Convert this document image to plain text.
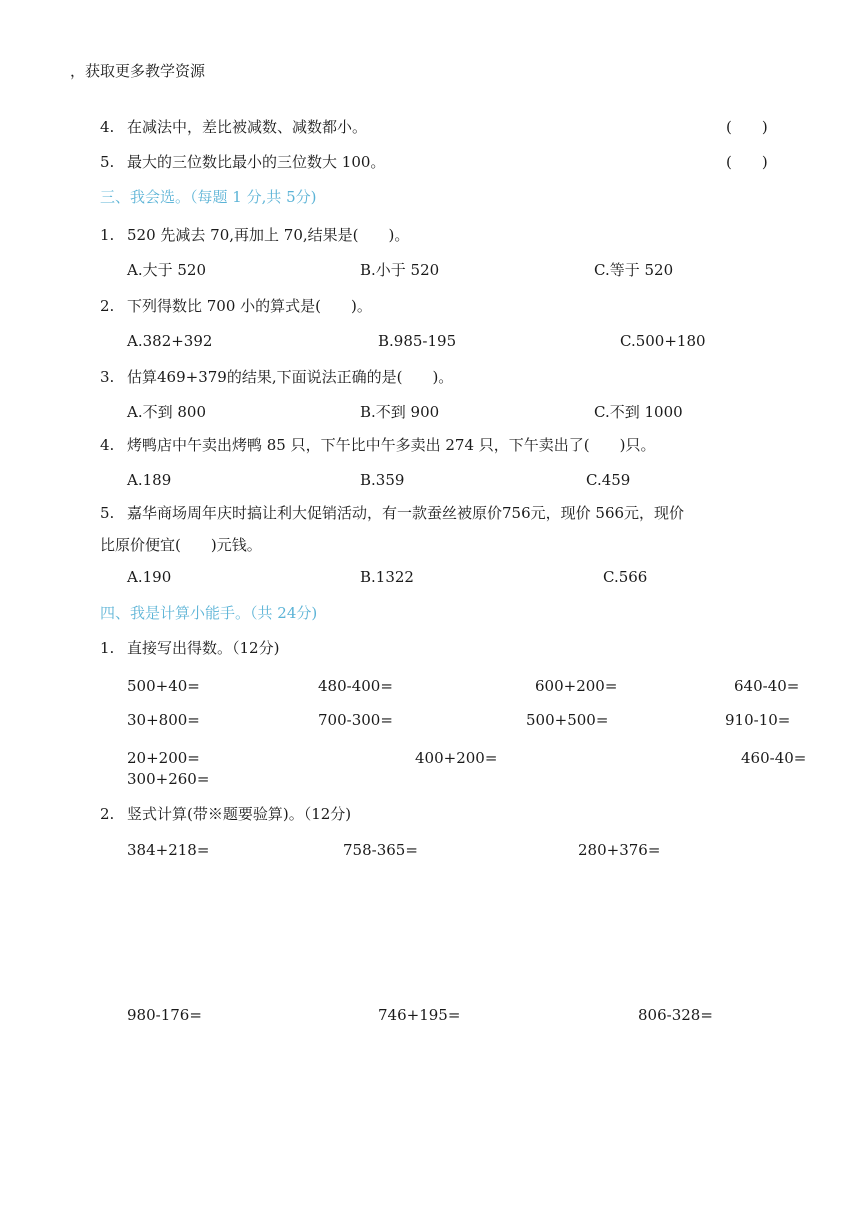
，获取更多教学资源
4. 在减法中，差比被减数、减数都小。	(　　)
5. 最大的三位数比最小的三位数大 100。	(　　)
三、我会选。（每题 1 分,共 5分)
1. 520 先减去 70,再加上 70,结果是(　　)。
A.大于 520	B.小于 520	C.等于 520
2. 下列得数比 700 小的算式是(　　)。
A.382+392	B.985-195	C.500+180
3. 估算469+379的结果,下面说法正确的是(　　)。
A.不到 800	B.不到 900	C.不到 1000
4. 烤鸭店中午卖出烤鸭 85 只，下午比中午多卖出 274 只，下午卖出了(　　)只。
A.189	B.359	C.459
5. 嘉华商场周年庆时搞让利大促销活动，有一款蚕丝被原价756元，现价 566元，现价
比原价便宜(　　)元钱。
A.190	B.1322	C.566
四、我是计算小能手。（共 24分)
1. 直接写出得数。（12分)
500+40=	480-400=	600+200=	640-40=
30+800=	700-300=	500+500=	910-10=
20+200=	400+200=	460-40=
300+260=
2. 竖式计算(带※题要验算)。（12分)
384+218=	758-365=	280+376=
980-176=	746+195=	806-328=
